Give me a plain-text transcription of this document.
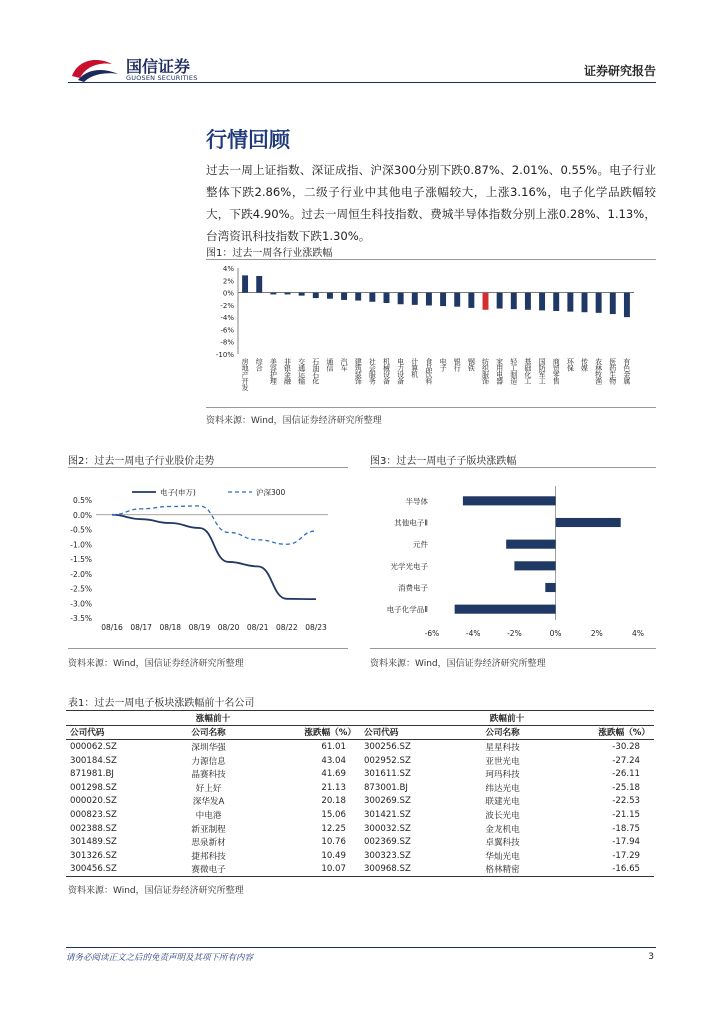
国信证券
GUOSEN SECURITIES	证券研究报告
行情回顾
过去一周上证指数、深证成指、沪深300分别下跌0.87%、2.01%、0.55%。电子行业整体下跌2.86%，二级子行业中其他电子涨幅较大，上涨3.16%，电子化学品跌幅较大，下跌4.90%。过去一周恒生科技指数、费城半导体指数分别上涨0.28%、1.13%，台湾资讯科技指数下跌1.30%。
图1：过去一周各行业涨跌幅
4%
2%
0%
-2%
-4%
-6%
-8%
-10%
房地产开发 综合 美容护理 非银金融 交通运输 石油石化 通信 汽车 建筑装饰 社会服务 机械设备 电力设备 计算机 食品饮料 电子 银行 钢铁 纺织服饰 家用电器 轻工制造 基础化工 国防军工 商贸零售 环保 传媒 农林牧渔 医药生物 有色金属
资料来源：Wind，国信证券经济研究所整理
图2：过去一周电子行业股价走势
0.5%
0.0%
-0.5%
-1.0%
-1.5%
-2.0%
-2.5%
-3.0%
-3.5%
08/16 08/17 08/18 08/19 08/20 08/21 08/22 08/23
电子(申万)	沪深300
资料来源：Wind，国信证券经济研究所整理
图3：过去一周电子子版块涨跌幅
-6%	-4%	-2%	0%	2%	4%
半导体
其他电子Ⅱ
元件
光学光电子
消费电子
电子化学品Ⅱ
资料来源：Wind，国信证券经济研究所整理
表1：过去一周电子板块涨跌幅前十名公司
涨幅前十			跌幅前十		
公司代码	公司名称	涨跌幅（%）	公司代码	公司名称	涨跌幅（%）
000062.SZ	深圳华强	61.01	300256.SZ	星星科技	-30.28
300184.SZ	力源信息	43.04	002952.SZ	亚世光电	-27.24
871981.BJ	晶赛科技	41.69	301611.SZ	珂玛科技	-26.11
001298.SZ	好上好	21.13	873001.BJ	纬达光电	-25.18
000020.SZ	深华发A	20.18	300269.SZ	联建光电	-22.53
000823.SZ	中电港	15.06	301421.SZ	波长光电	-21.15
002388.SZ	新亚制程	12.25	300032.SZ	金龙机电	-18.75
301489.SZ	思泉新材	10.76	002369.SZ	卓翼科技	-17.94
301326.SZ	捷邦科技	10.49	300323.SZ	华灿光电	-17.29
300456.SZ	赛微电子	10.07	300968.SZ	格林精密	-16.65
资料来源：Wind，国信证券经济研究所整理
请务必阅读正文之后的免责声明及其项下所有内容	3
